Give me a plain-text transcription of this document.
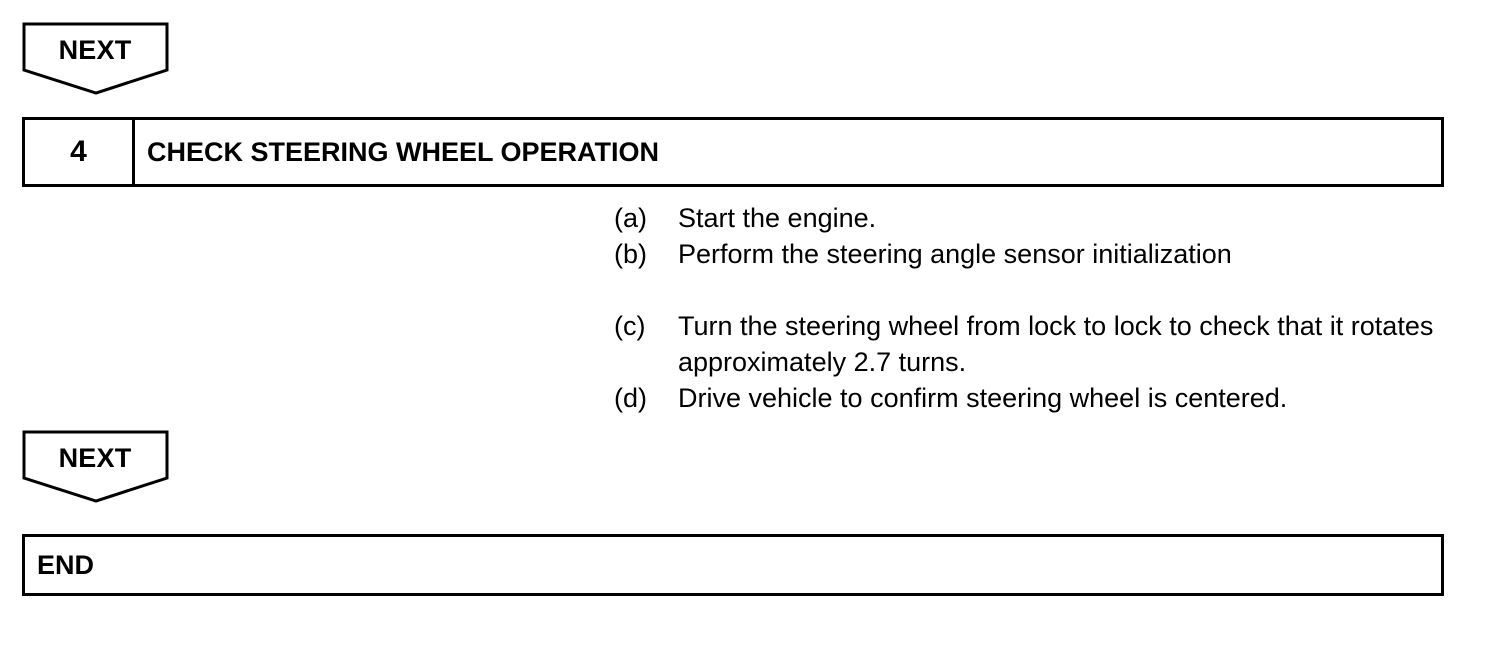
NEXT
4	CHECK STEERING WHEEL OPERATION
(a)	Start the engine.
(b)	Perform the steering angle sensor initialization
(c)	Turn the steering wheel from lock to lock to check that it rotates approximately 2.7 turns.
(d)	Drive vehicle to confirm steering wheel is centered.
NEXT
END
